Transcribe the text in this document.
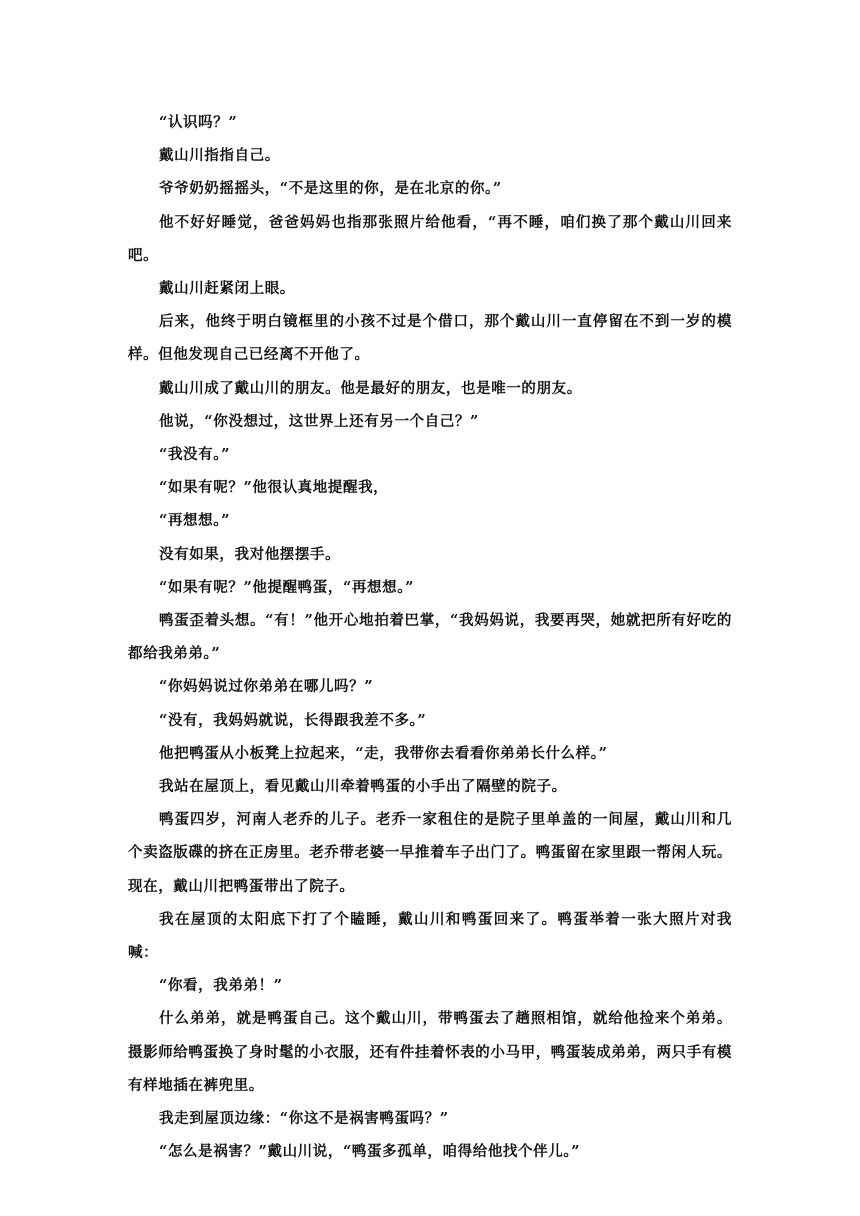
“认识吗？”

戴山川指指自己。

爷爷奶奶摇摇头，“不是这里的你，是在北京的你。”

他不好好睡觉，爸爸妈妈也指那张照片给他看，“再不睡，咱们换了那个戴山川回来吧。

戴山川赶紧闭上眼。

后来，他终于明白镜框里的小孩不过是个借口，那个戴山川一直停留在不到一岁的模样。但他发现自己已经离不开他了。

戴山川成了戴山川的朋友。他是最好的朋友，也是唯一的朋友。

他说，“你没想过，这世界上还有另一个自己？”

“我没有。”

“如果有呢？”他很认真地提醒我，

“再想想。”

没有如果，我对他摆摆手。

“如果有呢？”他提醒鸭蛋，“再想想。”

鸭蛋歪着头想。“有！”他开心地拍着巴掌，“我妈妈说，我要再哭，她就把所有好吃的都给我弟弟。”

“你妈妈说过你弟弟在哪儿吗？”

“没有，我妈妈就说，长得跟我差不多。”

他把鸭蛋从小板凳上拉起来，“走，我带你去看看你弟弟长什么样。”

我站在屋顶上，看见戴山川牵着鸭蛋的小手出了隔壁的院子。

鸭蛋四岁，河南人老乔的儿子。老乔一家租住的是院子里单盖的一间屋，戴山川和几个卖盗版碟的挤在正房里。老乔带老婆一早推着车子出门了。鸭蛋留在家里跟一帮闲人玩。现在，戴山川把鸭蛋带出了院子。

我在屋顶的太阳底下打了个瞌睡，戴山川和鸭蛋回来了。鸭蛋举着一张大照片对我喊：

“你看，我弟弟！”

什么弟弟，就是鸭蛋自己。这个戴山川，带鸭蛋去了趟照相馆，就给他捡来个弟弟。摄影师给鸭蛋换了身时髦的小衣服，还有件挂着怀表的小马甲，鸭蛋装成弟弟，两只手有模有样地插在裤兜里。

我走到屋顶边缘：“你这不是祸害鸭蛋吗？”

“怎么是祸害？”戴山川说，“鸭蛋多孤单，咱得给他找个伴儿。”
